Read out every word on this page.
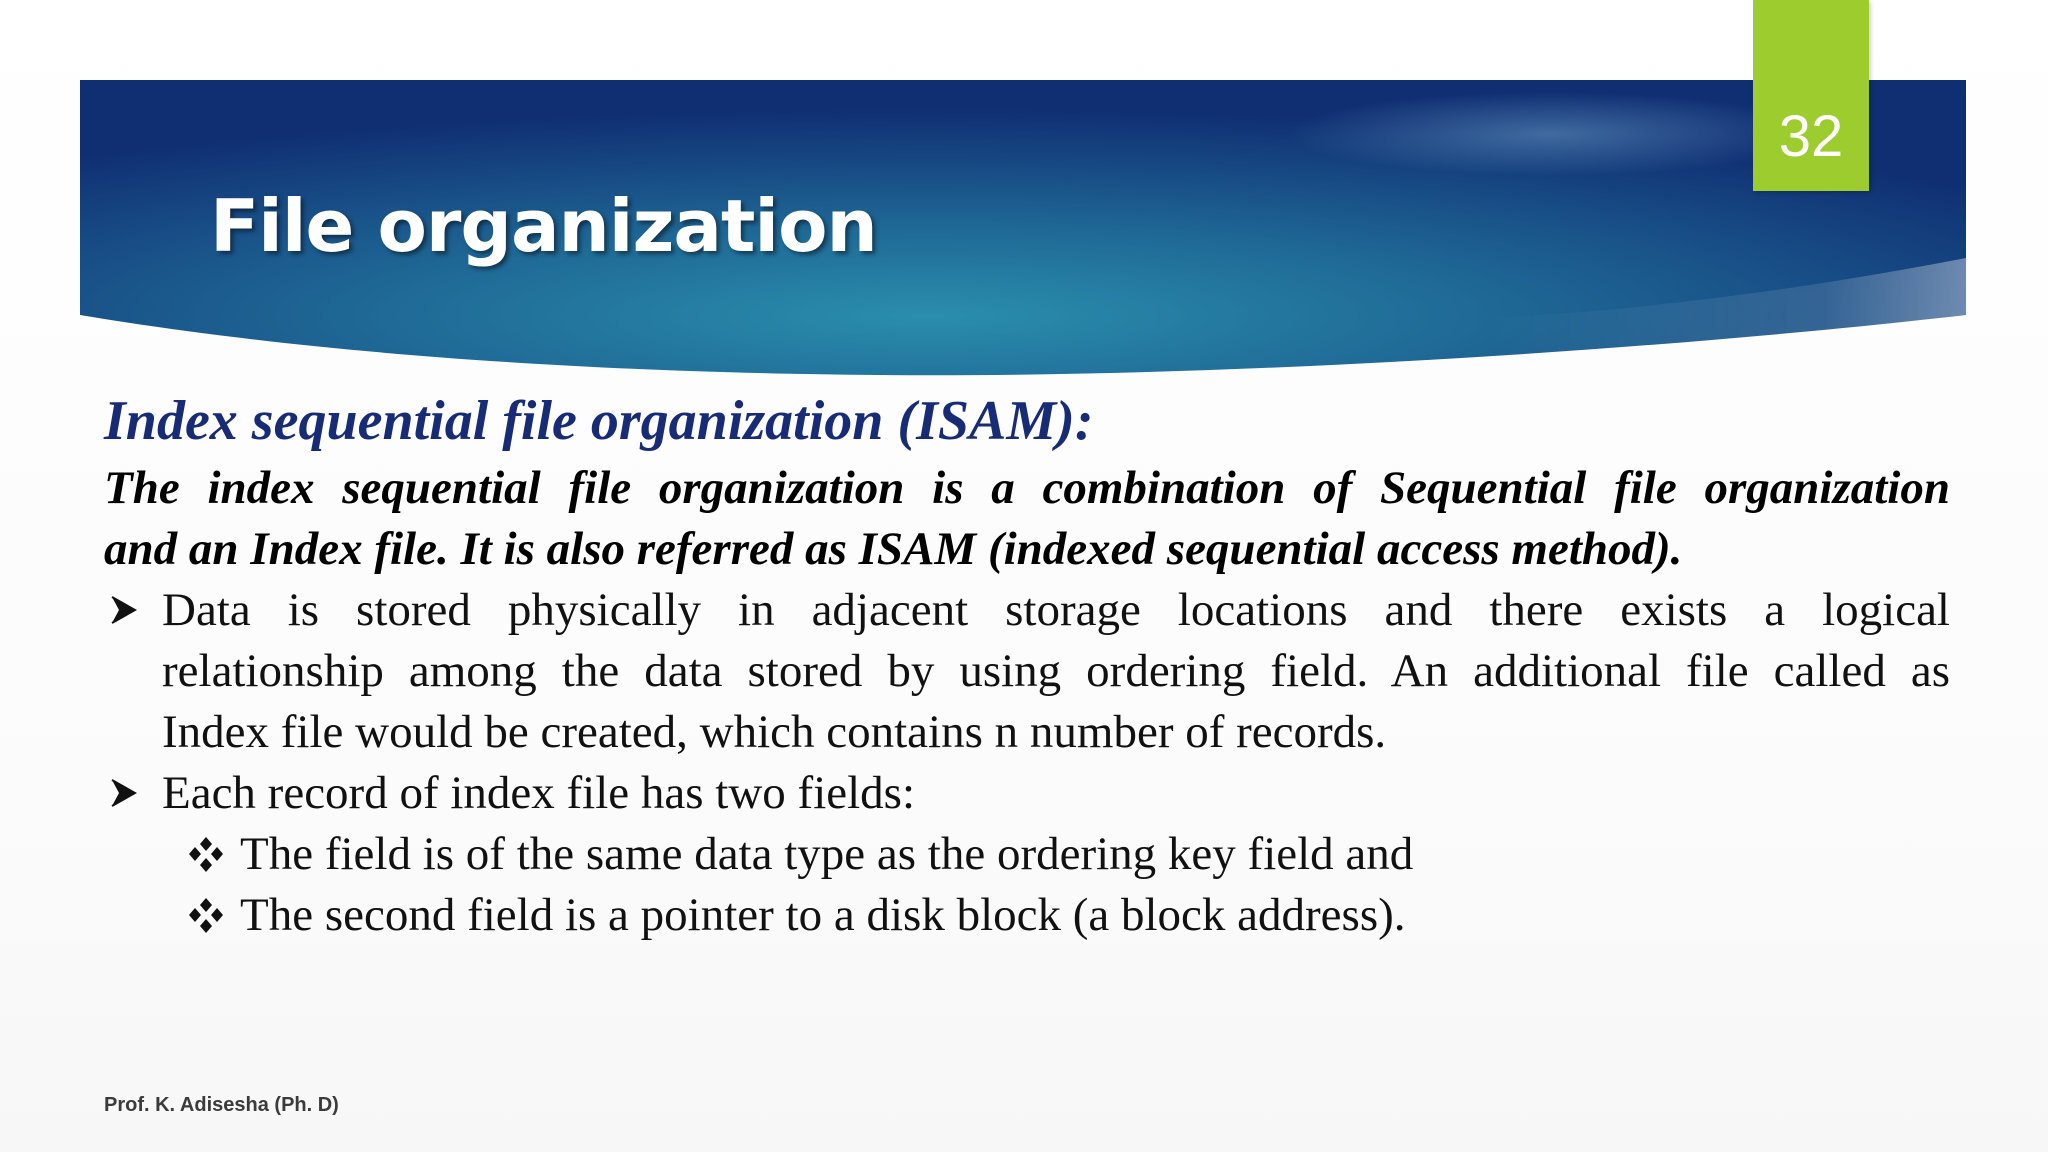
32
File organization
Index sequential file organization (ISAM):
The index sequential file organization is a combination of Sequential file organization
and an Index file. It is also referred as ISAM (indexed sequential access method).
Data is stored physically in adjacent storage locations and there exists a logical
relationship among the data stored by using ordering field. An additional file called as
Index file would be created, which contains n number of records.
Each record of index file has two fields:
The field is of the same data type as the ordering key field and
The second field is a pointer to a disk block (a block address).
Prof. K. Adisesha (Ph. D)
